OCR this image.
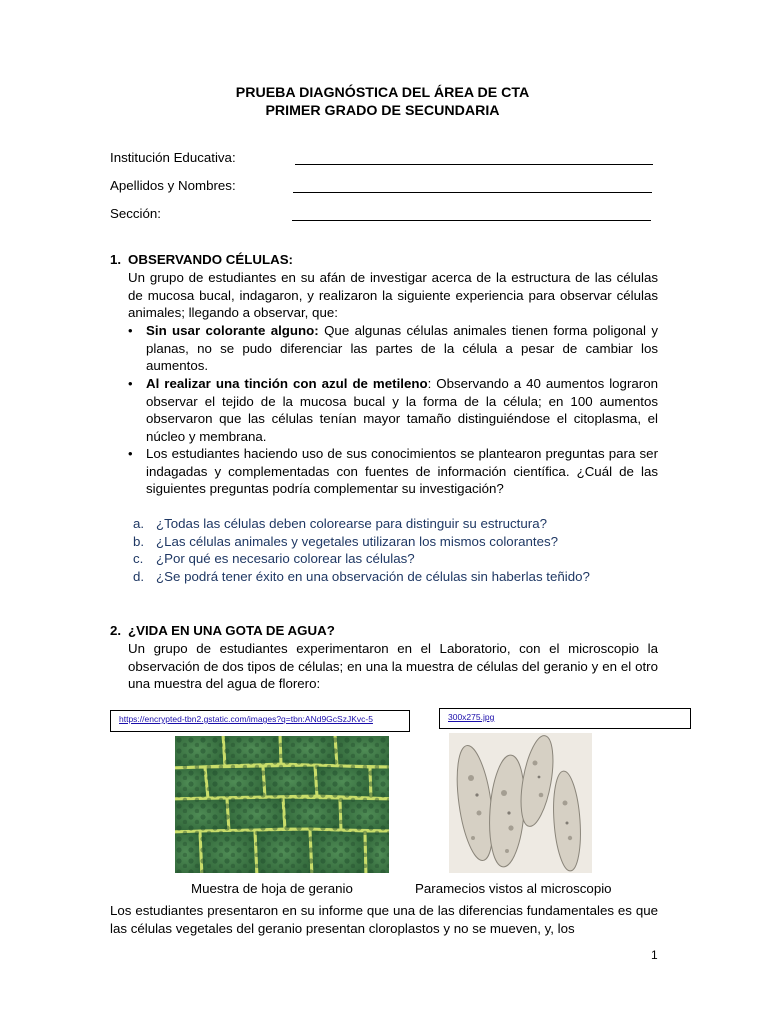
PRUEBA DIAGNÓSTICA DEL ÁREA DE CTA
PRIMER GRADO DE SECUNDARIA
Institución Educativa:
Apellidos y Nombres:
Sección:
1. OBSERVANDO CÉLULAS:
Un grupo de estudiantes en su afán de investigar acerca de la estructura de las células de mucosa bucal, indagaron, y realizaron la siguiente experiencia para observar células animales; llegando a observar, que:
• Sin usar colorante alguno: Que algunas células animales tienen forma poligonal y planas, no se pudo diferenciar las partes de la célula a pesar de cambiar los aumentos.
• Al realizar una tinción con azul de metileno: Observando a 40 aumentos lograron observar el tejido de la mucosa bucal y la forma de la célula; en 100 aumentos observaron que las células tenían mayor tamaño distinguiéndose el citoplasma, el núcleo y membrana.
• Los estudiantes haciendo uso de sus conocimientos se plantearon preguntas para ser indagadas y complementadas con fuentes de información científica. ¿Cuál de las siguientes preguntas podría complementar su investigación?
a. ¿Todas las células deben colorearse para distinguir su estructura?
b. ¿Las células animales y vegetales utilizaran los mismos colorantes?
c. ¿Por qué es necesario colorear las células?
d. ¿Se podrá tener éxito en una observación de células sin haberlas teñido?
2. ¿VIDA EN UNA GOTA DE AGUA?
Un grupo de estudiantes experimentaron en el Laboratorio, con el microscopio la observación de dos tipos de células; en una la muestra de células del geranio y en el otro una muestra del agua de florero:
https://encrypted-tbn2.gstatic.com/images?q=tbn:ANd9GcSzJKvc-5	300x275.jpg
Muestra de hoja de geranio	Paramecios vistos al microscopio
Los estudiantes presentaron en su informe que una de las diferencias fundamentales es que las células vegetales del geranio presentan cloroplastos y no se mueven, y, los
1
